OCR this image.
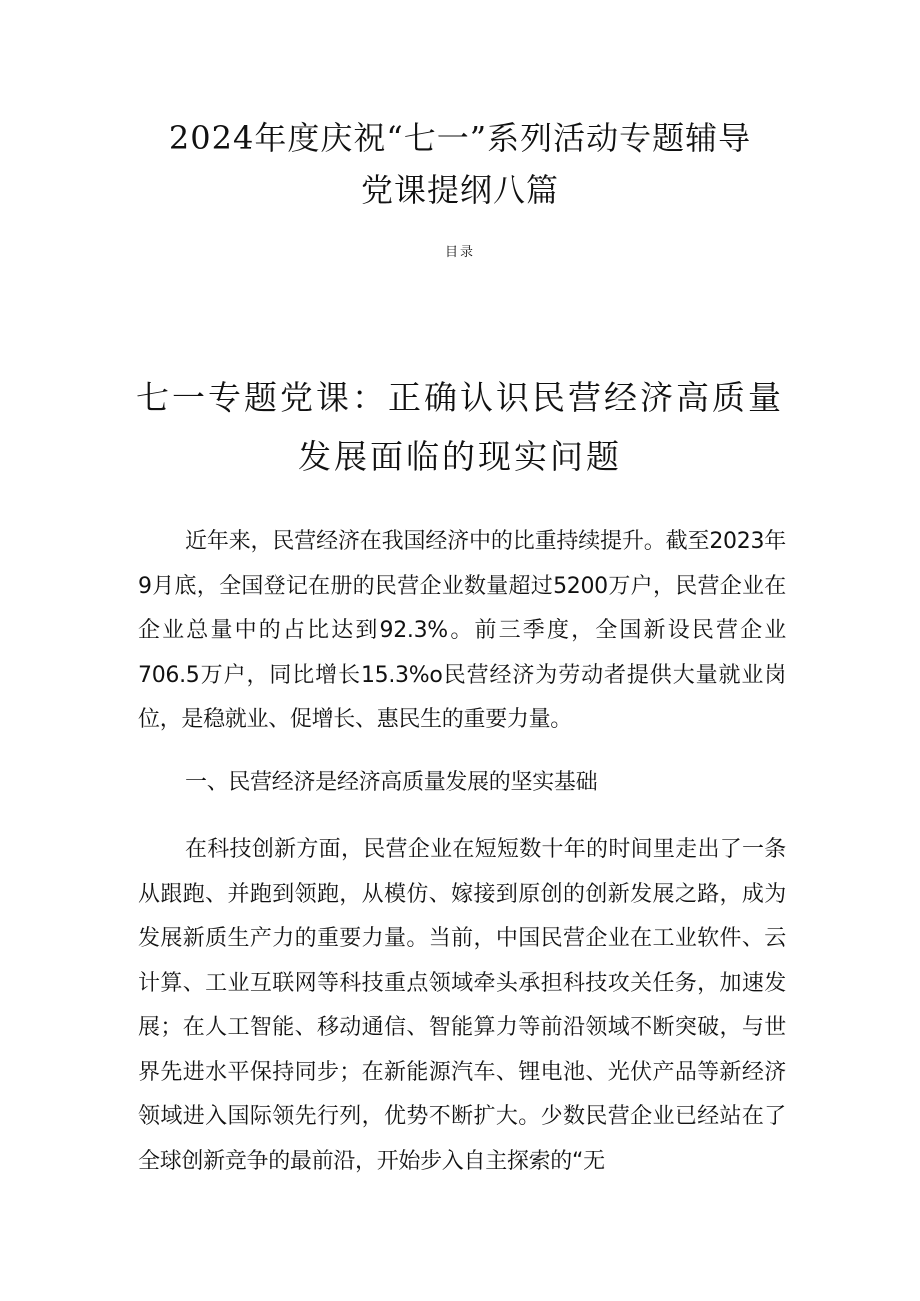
2024年度庆祝“七一”系列活动专题辅导
党课提纲八篇
目录
七一专题党课：正确认识民营经济高质量
发展面临的现实问题

近年来，民营经济在我国经济中的比重持续提升。截至2023年9月底，全国登记在册的民营企业数量超过5200万户，民营企业在企业总量中的占比达到92.3%。前三季度，全国新设民营企业706.5万户，同比增长15.3%o民营经济为劳动者提供大量就业岗位，是稳就业、促增长、惠民生的重要力量。

一、民营经济是经济高质量发展的坚实基础

在科技创新方面，民营企业在短短数十年的时间里走出了一条从跟跑、并跑到领跑，从模仿、嫁接到原创的创新发展之路，成为发展新质生产力的重要力量。当前，中国民营企业在工业软件、云计算、工业互联网等科技重点领域牵头承担科技攻关任务，加速发展；在人工智能、移动通信、智能算力等前沿领域不断突破，与世界先进水平保持同步；在新能源汽车、锂电池、光伏产品等新经济领域进入国际领先行列，优势不断扩大。少数民营企业已经站在了全球创新竞争的最前沿，开始步入自主探索的“无
